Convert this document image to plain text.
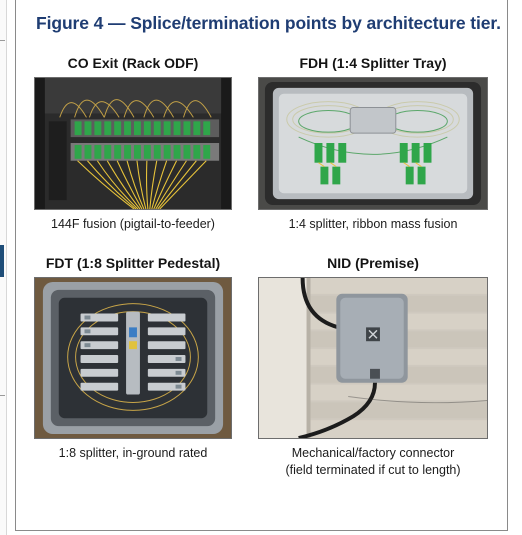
Figure 4 — Splice/termination points by architecture tier.
CO Exit (Rack ODF)
144F fusion (pigtail-to-feeder)
FDH (1:4 Splitter Tray)
1:4 splitter, ribbon mass fusion
FDT (1:8 Splitter Pedestal)
1:8 splitter, in-ground rated
NID (Premise)
Mechanical/factory connector
(field terminated if cut to length)
